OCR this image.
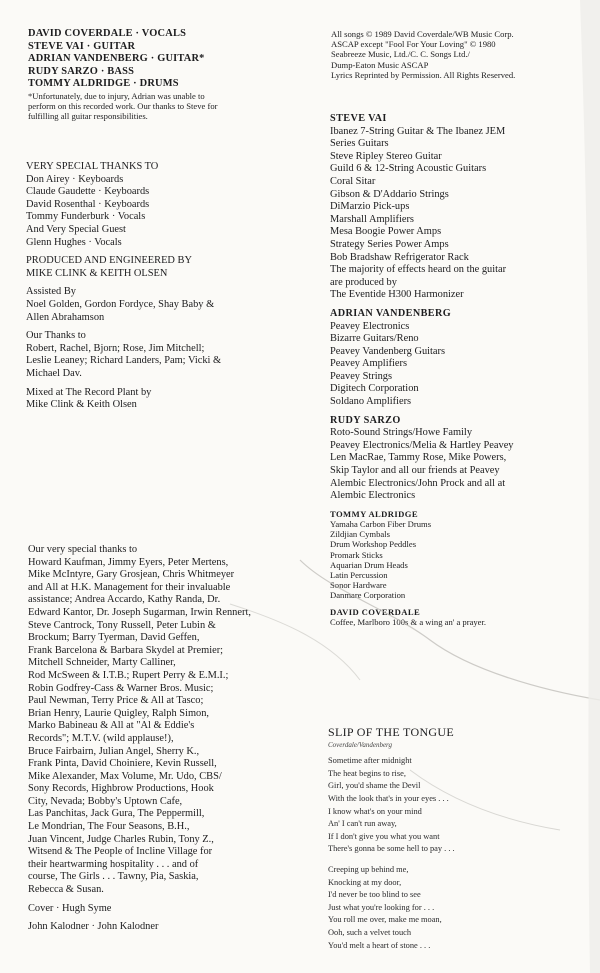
DAVID COVERDALE · VOCALS
STEVE VAI · GUITAR
ADRIAN VANDENBERG · GUITAR*
RUDY SARZO · BASS
TOMMY ALDRIDGE · DRUMS
*Unfortunately, due to injury, Adrian was unable to
perform on this recorded work. Our thanks to Steve for
fulfilling all guitar responsibilities.
VERY SPECIAL THANKS TO
Don Airey · Keyboards
Claude Gaudette · Keyboards
David Rosenthal · Keyboards
Tommy Funderburk · Vocals
And Very Special Guest
Glenn Hughes · Vocals
PRODUCED AND ENGINEERED BY
MIKE CLINK & KEITH OLSEN
Assisted By
Noel Golden, Gordon Fordyce, Shay Baby &
Allen Abrahamson
Our Thanks to
Robert, Rachel, Bjorn; Rose, Jim Mitchell;
Leslie Leaney; Richard Landers, Pam; Vicki &
Michael Dav.
Mixed at The Record Plant by
Mike Clink & Keith Olsen
Our very special thanks to
Howard Kaufman, Jimmy Eyers, Peter Mertens,
Mike McIntyre, Gary Grosjean, Chris Whitmeyer
and All at H.K. Management for their invaluable
assistance; Andrea Accardo, Kathy Randa, Dr.
Edward Kantor, Dr. Joseph Sugarman, Irwin Rennert,
Steve Cantrock, Tony Russell, Peter Lubin &
Brockum; Barry Tyerman, David Geffen,
Frank Barcelona & Barbara Skydel at Premier;
Mitchell Schneider, Marty Calliner,
Rod McSween & I.T.B.; Rupert Perry & E.M.I.;
Robin Godfrey-Cass & Warner Bros. Music;
Paul Newman, Terry Price & All at Tasco;
Brian Henry, Laurie Quigley, Ralph Simon,
Marko Babineau & All at "Al & Eddie's
Records"; M.T.V. (wild applause!),
Bruce Fairbairn, Julian Angel, Sherry K.,
Frank Pinta, David Choiniere, Kevin Russell,
Mike Alexander, Max Volume, Mr. Udo, CBS/
Sony Records, Highbrow Productions, Hook
City, Nevada; Bobby's Uptown Cafe,
Las Panchitas, Jack Gura, The Peppermill,
Le Mondrian, The Four Seasons, B.H.,
Juan Vincent, Judge Charles Rubin, Tony Z.,
Witsend & The People of Incline Village for
their heartwarming hospitality . . . and of
course, The Girls . . . Tawny, Pia, Saskia,
Rebecca & Susan.
Cover · Hugh Syme
John Kalodner · John Kalodner
All songs © 1989 David Coverdale/WB Music Corp.
ASCAP except "Fool For Your Loving" © 1980
Seabreeze Music, Ltd./C. C. Songs Ltd./
Dump-Eaton Music ASCAP
Lyrics Reprinted by Permission. All Rights Reserved.
STEVE VAI
Ibanez 7-String Guitar & The Ibanez JEM
Series Guitars
Steve Ripley Stereo Guitar
Guild 6 & 12-String Acoustic Guitars
Coral Sitar
Gibson & D'Addario Strings
DiMarzio Pick-ups
Marshall Amplifiers
Mesa Boogie Power Amps
Strategy Series Power Amps
Bob Bradshaw Refrigerator Rack
The majority of effects heard on the guitar
are produced by
The Eventide H300 Harmonizer
ADRIAN VANDENBERG
Peavey Electronics
Bizarre Guitars/Reno
Peavey Vandenberg Guitars
Peavey Amplifiers
Peavey Strings
Digitech Corporation
Soldano Amplifiers
RUDY SARZO
Roto-Sound Strings/Howe Family
Peavey Electronics/Melia & Hartley Peavey
Len MacRae, Tammy Rose, Mike Powers,
Skip Taylor and all our friends at Peavey
Alembic Electronics/John Prock and all at
Alembic Electronics
TOMMY ALDRIDGE
Yamaha Carbon Fiber Drums
Zildjian Cymbals
Drum Workshop Peddles
Promark Sticks
Aquarian Drum Heads
Latin Percussion
Sonor Hardware
Danmare Corporation
DAVID COVERDALE
Coffee, Marlboro 100s & a wing an' a prayer.
SLIP OF THE TONGUE
Coverdale/Vandenberg
Sometime after midnight
The heat begins to rise,
Girl, you'd shame the Devil
With the look that's in your eyes . . .
I know what's on your mind
An' I can't run away,
If I don't give you what you want
There's gonna be some hell to pay . . .
Creeping up behind me,
Knocking at my door,
I'd never be too blind to see
Just what you're looking for . . .
You roll me over, make me moan,
Ooh, such a velvet touch
You'd melt a heart of stone . . .
